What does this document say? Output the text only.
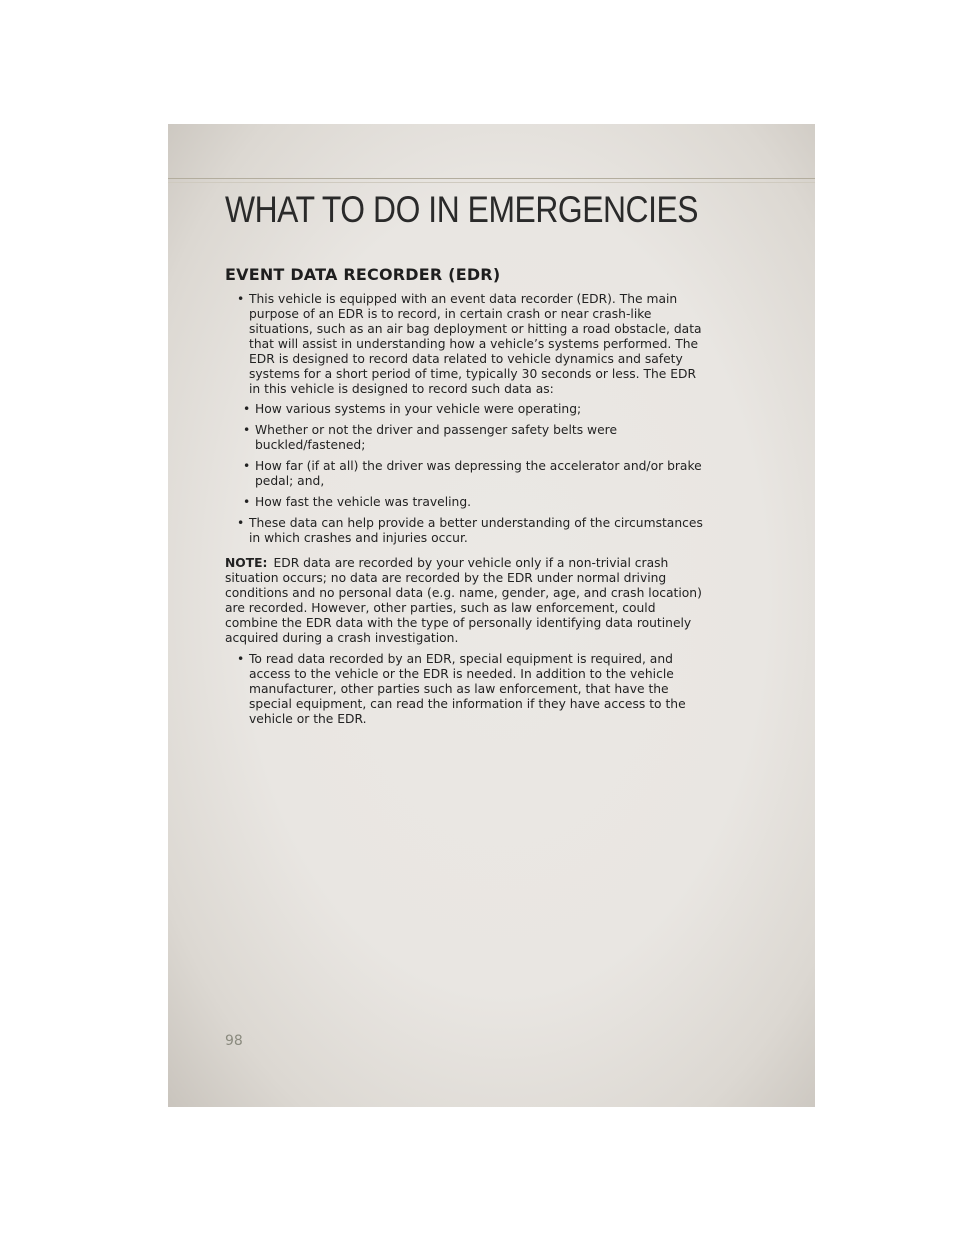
WHAT TO DO IN EMERGENCIES
EVENT DATA RECORDER (EDR)
• This vehicle is equipped with an event data recorder (EDR). The main purpose of an EDR is to record, in certain crash or near crash-like situations, such as an air bag deployment or hitting a road obstacle, data that will assist in understanding how a vehicle’s systems performed. The EDR is designed to record data related to vehicle dynamics and safety systems for a short period of time, typically 30 seconds or less. The EDR in this vehicle is designed to record such data as:
• How various systems in your vehicle were operating;
• Whether or not the driver and passenger safety belts were buckled/fastened;
• How far (if at all) the driver was depressing the accelerator and/or brake pedal; and,
• How fast the vehicle was traveling.
• These data can help provide a better understanding of the circumstances in which crashes and injuries occur.
NOTE: EDR data are recorded by your vehicle only if a non-trivial crash situation occurs; no data are recorded by the EDR under normal driving conditions and no personal data (e.g. name, gender, age, and crash location) are recorded. However, other parties, such as law enforcement, could combine the EDR data with the type of personally identifying data routinely acquired during a crash investigation.
• To read data recorded by an EDR, special equipment is required, and access to the vehicle or the EDR is needed. In addition to the vehicle manufacturer, other parties such as law enforcement, that have the special equipment, can read the information if they have access to the vehicle or the EDR.
98
